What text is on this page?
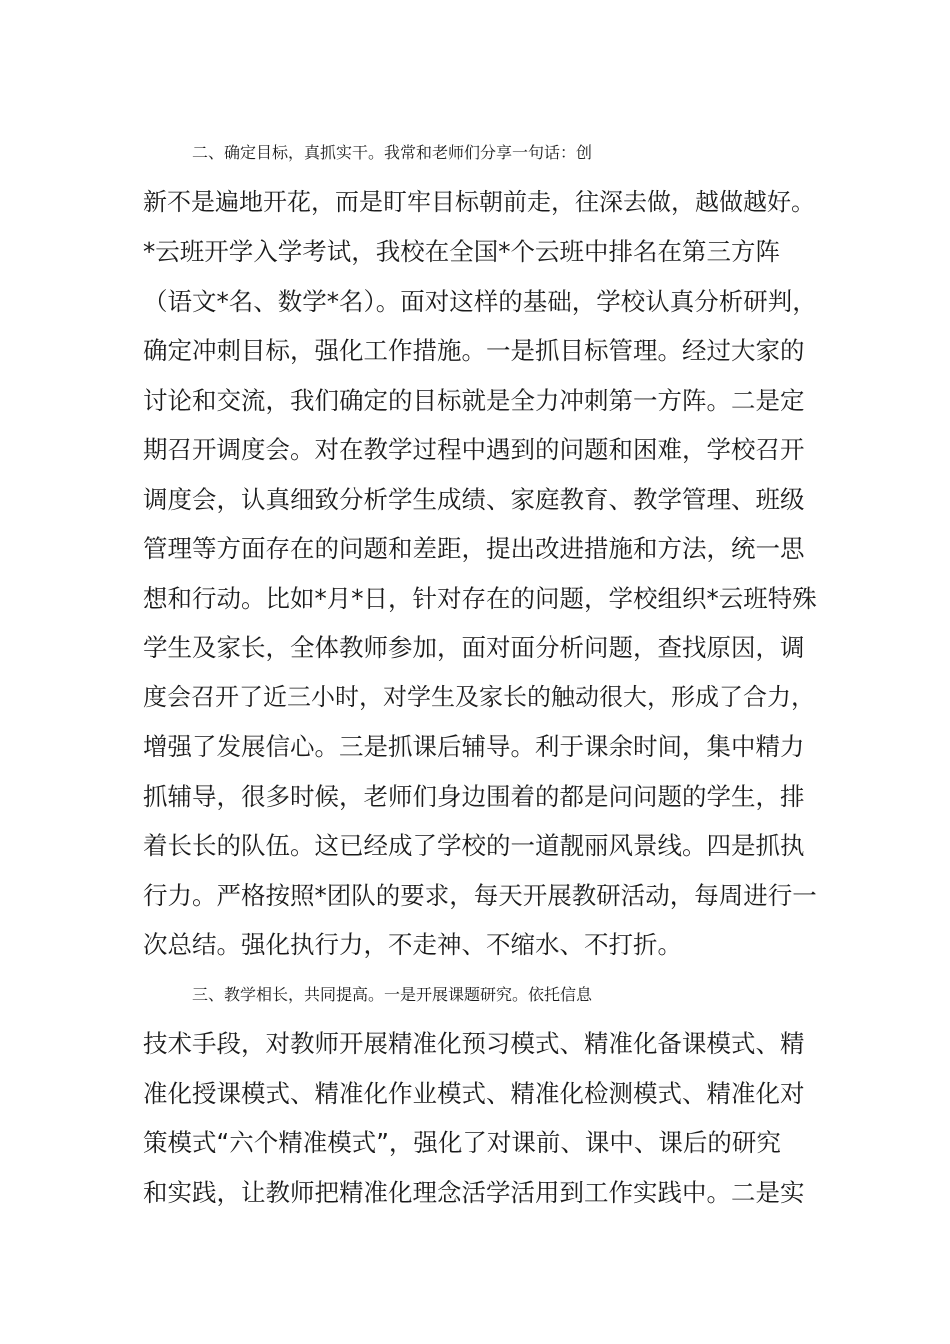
二、确定目标，真抓实干。我常和老师们分享一句话：创
新不是遍地开花，而是盯牢目标朝前走，往深去做，越做越好。
*云班开学入学考试，我校在全国*个云班中排名在第三方阵
（语文*名、数学*名）。面对这样的基础，学校认真分析研判，
确定冲刺目标，强化工作措施。一是抓目标管理。经过大家的
讨论和交流，我们确定的目标就是全力冲刺第一方阵。二是定
期召开调度会。对在教学过程中遇到的问题和困难，学校召开
调度会，认真细致分析学生成绩、家庭教育、教学管理、班级
管理等方面存在的问题和差距，提出改进措施和方法，统一思
想和行动。比如*月*日，针对存在的问题，学校组织*云班特殊
学生及家长，全体教师参加，面对面分析问题，查找原因，调
度会召开了近三小时，对学生及家长的触动很大，形成了合力，
增强了发展信心。三是抓课后辅导。利于课余时间，集中精力
抓辅导，很多时候，老师们身边围着的都是问问题的学生，排
着长长的队伍。这已经成了学校的一道靓丽风景线。四是抓执
行力。严格按照*团队的要求，每天开展教研活动，每周进行一
次总结。强化执行力，不走神、不缩水、不打折。
三、教学相长，共同提高。一是开展课题研究。依托信息
技术手段，对教师开展精准化预习模式、精准化备课模式、精
准化授课模式、精准化作业模式、精准化检测模式、精准化对
策模式“六个精准模式”，强化了对课前、课中、课后的研究
和实践，让教师把精准化理念活学活用到工作实践中。二是实
